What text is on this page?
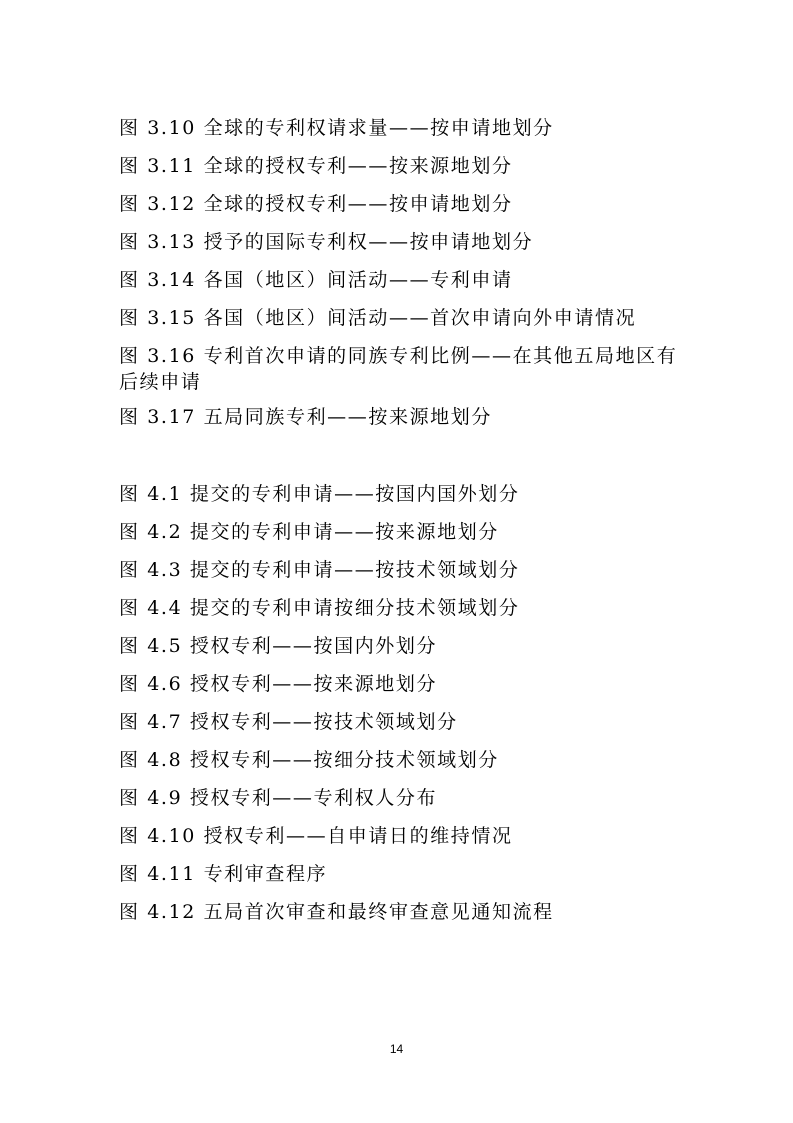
图 3.10 全球的专利权请求量——按申请地划分
图 3.11 全球的授权专利——按来源地划分
图 3.12 全球的授权专利——按申请地划分
图 3.13 授予的国际专利权——按申请地划分
图 3.14 各国（地区）间活动——专利申请
图 3.15 各国（地区）间活动——首次申请向外申请情况
图 3.16 专利首次申请的同族专利比例——在其他五局地区有后续申请
图 3.17 五局同族专利——按来源地划分
图 4.1 提交的专利申请——按国内国外划分
图 4.2 提交的专利申请——按来源地划分
图 4.3 提交的专利申请——按技术领域划分
图 4.4 提交的专利申请按细分技术领域划分
图 4.5 授权专利——按国内外划分
图 4.6 授权专利——按来源地划分
图 4.7 授权专利——按技术领域划分
图 4.8 授权专利——按细分技术领域划分
图 4.9 授权专利——专利权人分布
图 4.10 授权专利——自申请日的维持情况
图 4.11 专利审查程序
图 4.12 五局首次审查和最终审查意见通知流程
14
